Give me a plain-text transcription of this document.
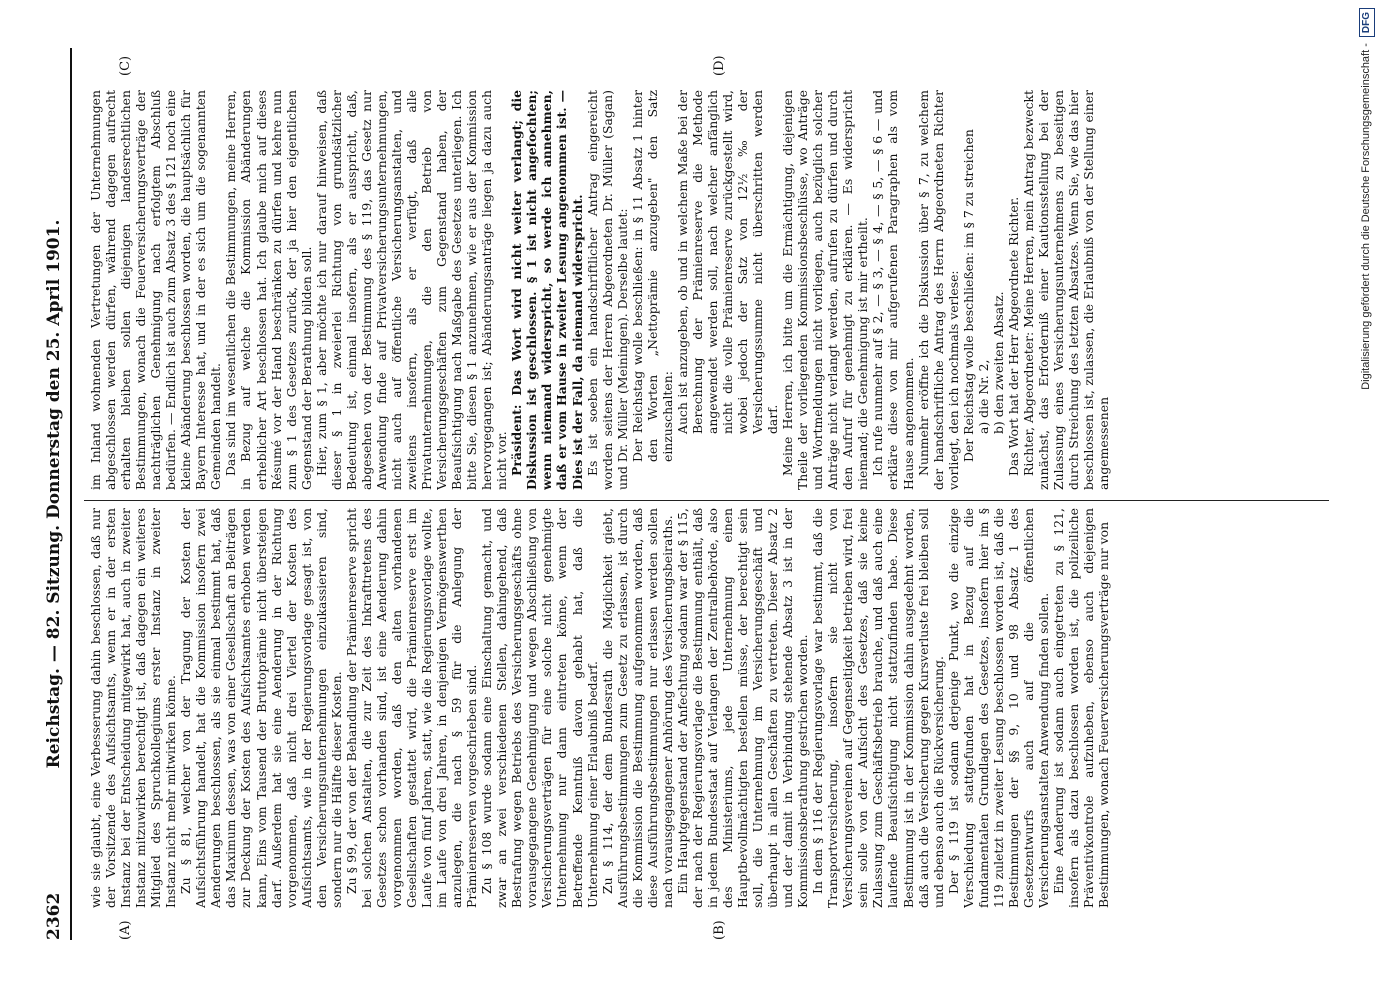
2362
Reichstag. — 82. Sitzung. Donnerstag den 25. April 1901.
(A)	(B)
(C)	(D)

wie sie glaubt, eine Verbesserung dahin beschlossen, daß nur der Vorsitzende des Aufsichtsamts, wenn er in der ersten Instanz bei der Entscheidung mitgewirkt hat, auch in zweiter Instanz mitzuwirken berechtigt ist, daß dagegen ein weiteres Mitglied des Spruchkollegiums erster Instanz in zweiter Instanz nicht mehr mitwirken könne. Zu § 81, welcher von der Tragung der Kosten der Aufsichtsführung handelt, hat die Kommission insofern zwei Aenderungen beschlossen, als sie einmal bestimmt hat, daß das Maximum dessen, was von einer Gesellschaft an Beiträgen zur Deckung der Kosten des Aufsichtsamtes erhoben werden kann, Eins vom Tausend der Bruttoprämie nicht übersteigen darf. Außerdem hat sie eine Aenderung in der Richtung vorgenommen, daß nicht drei Viertel der Kosten des Aufsichtsamts, wie in der Regierungsvorlage gesagt ist, von den Versicherungsunternehmungen einzukassieren sind, sondern nur die Hälfte dieser Kosten. Zu § 99, der von der Behandlung der Prämienreserve spricht bei solchen Anstalten, die zur Zeit des Inkrafttretens des Gesetzes schon vorhanden sind, ist eine Aenderung dahin vorgenommen worden, daß den alten vorhandenen Gesellschaften gestattet wird, die Prämienreserve erst im Laufe von fünf Jahren, statt, wie die Regierungsvorlage wollte, im Laufe von drei Jahren, in denjenigen Vermögenswerthen anzulegen, die nach § 59 für die Anlegung der Prämienreserven vorgeschrieben sind. Zu § 108 wurde sodann eine Einschaltung gemacht, und zwar an zwei verschiedenen Stellen, dahingehend, daß Bestrafung wegen Betriebs des Versicherungsgeschäfts ohne vorausgegangene Genehmigung und wegen Abschließung von Versicherungsverträgen für eine solche nicht genehmigte Unternehmung nur dann eintreten könne, wenn der Betreffende Kenntniß davon gehabt hat, daß die Unternehmung einer Erlaubniß bedarf. Zu § 114, der dem Bundesrath die Möglichkeit giebt, Ausführungsbestimmungen zum Gesetz zu erlassen, ist durch die Kommission die Bestimmung aufgenommen worden, daß diese Ausführungsbestimmungen nur erlassen werden sollen nach vorausgegangener Anhörung des Versicherungsbeiraths. Ein Hauptgegenstand der Anfechtung sodann war der § 115, der nach der Regierungsvorlage die Bestimmung enthält, daß in jedem Bundesstaat auf Verlangen der Zentralbehörde, also des Ministeriums, jede Unternehmung einen Hauptbevollmächtigten bestellen müsse, der berechtigt sein soll, die Unternehmung im Versicherungsgeschäft und überhaupt in allen Geschäften zu vertreten. Dieser Absatz 2 und der damit in Verbindung stehende Absatz 3 ist in der Kommissionsberathung gestrichen worden. In dem § 116 der Regierungsvorlage war bestimmt, daß die Transportversicherung, insofern sie nicht von Versicherungsvereinen auf Gegenseitigkeit betrieben wird, frei sein solle von der Aufsicht des Gesetzes, daß sie keine Zulassung zum Geschäftsbetrieb brauche, und daß auch eine laufende Beaufsichtigung nicht stattzufinden habe. Diese Bestimmung ist in der Kommission dahin ausgedehnt worden, daß auch die Versicherung gegen Kursverluste frei bleiben soll und ebenso auch die Rückversicherung. Der § 119 ist sodann derjenige Punkt, wo die einzige Verschiedung stattgefunden hat in Bezug auf die fundamentalen Grundlagen des Gesetzes, insofern hier im § 119 zuletzt in zweiter Lesung beschlossen worden ist, daß die Bestimmungen der §§ 9, 10 und 98 Absatz 1 des Gesetzentwurfs auch auf die öffentlichen Versicherungsanstalten Anwendung finden sollen. Eine Aenderung ist sodann auch eingetreten zu § 121, insofern als dazu beschlossen worden ist, die polizeiliche Präventivkontrole aufzuheben, ebenso auch diejenigen Bestimmungen, wonach Feuerversicherungsverträge nur von

im Inland wohnenden Vertretungen der Unternehmungen abgeschlossen werden dürfen, während dagegen aufrecht erhalten bleiben sollen diejenigen landesrechtlichen Bestimmungen, wonach die Feuerversicherungsverträge der nachträglichen Genehmigung nach erfolgtem Abschluß bedürfen. — Endlich ist auch zum Absatz 3 des § 121 noch eine kleine Abänderung beschlossen worden, die hauptsächlich für Bayern Interesse hat, und in der es sich um die sogenannten Gemeinden handelt. Das sind im wesentlichen die Bestimmungen, meine Herren, in Bezug auf welche die Kommission Abänderungen erheblicher Art beschlossen hat. Ich glaube mich auf dieses Résumé vor der Hand beschränken zu dürfen und kehre nun zum § 1 des Gesetzes zurück, der ja hier den eigentlichen Gegenstand der Berathung bilden soll. Hier, zum § 1, aber möchte ich nur darauf hinweisen, daß dieser § 1 in zweierlei Richtung von grundsätzlicher Bedeutung ist, einmal insofern, als er ausspricht, daß, abgesehen von der Bestimmung des § 119, das Gesetz nur Anwendung finde auf Privatversicherungsunternehmungen, nicht auch auf öffentliche Versicherungsanstalten, und zweitens insofern, als er verfügt, daß alle Privatunternehmungen, die den Betrieb von Versicherungsgeschäften zum Gegenstand haben, der Beaufsichtigung nach Maßgabe des Gesetzes unterliegen. Ich bitte Sie, diesen § 1 anzunehmen, wie er aus der Kommission hervorgegangen ist; Abänderungsanträge liegen ja dazu auch nicht vor. Präsident: Das Wort wird nicht weiter verlangt; die Diskussion ist geschlossen. § 1 ist nicht angefochten; wenn niemand widerspricht, so werde ich annehmen, daß er vom Hause in zweiter Lesung angenommen ist. — Dies ist der Fall, da niemand widerspricht. Es ist soeben ein handschriftlicher Antrag eingereicht worden seitens der Herren Abgeordneten Dr. Müller (Sagan) und Dr. Müller (Meiningen). Derselbe lautet: Der Reichstag wolle beschließen: in § 11 Absatz 1 hinter den Worten „Nettoprämie anzugeben" den Satz einzuschalten: Auch ist anzugeben, ob und in welchem Maße bei der Berechnung der Prämienreserve die Methode angewendet werden soll, nach welcher anfänglich nicht die volle Prämienreserve zurückgestellt wird, wobei jedoch der Satz von 12½ ‰ der Versicherungssumme nicht überschritten werden darf. Meine Herren, ich bitte um die Ermächtigung, diejenigen Theile der vorliegenden Kommissionsbeschlüsse, wo Anträge und Wortmeldungen nicht vorliegen, auch bezüglich solcher Anträge nicht verlangt werden, aufrufen zu dürfen und durch den Aufruf für genehmigt zu erklären. — Es widerspricht niemand; die Genehmigung ist mir ertheilt. Ich rufe nunmehr auf § 2, — § 3, — § 4, — § 5, — § 6 — und erkläre diese von mir aufgerufenen Paragraphen als vom Hause angenommen. Nunmehr eröffne ich die Diskussion über § 7, zu welchem der handschriftliche Antrag des Herrn Abgeordneten Richter vorliegt, den ich nochmals verlese: Der Reichstag wolle beschließen: im § 7 zu streichen a) die Nr. 2, b) den zweiten Absatz. Das Wort hat der Herr Abgeordnete Richter. Richter, Abgeordneter: Meine Herren, mein Antrag bezweckt zunächst, das Erforderniß einer Kautionsstellung bei der Zulassung eines Versicherungsunternehmens zu beseitigen durch Streichung des letzten Absatzes. Wenn Sie, wie das hier beschlossen ist, zulassen, die Erlaubniß von der Stellung einer angemessenen

Digitalisierung gefördert durch die Deutsche Forschungsgemeinschaft -DFG
